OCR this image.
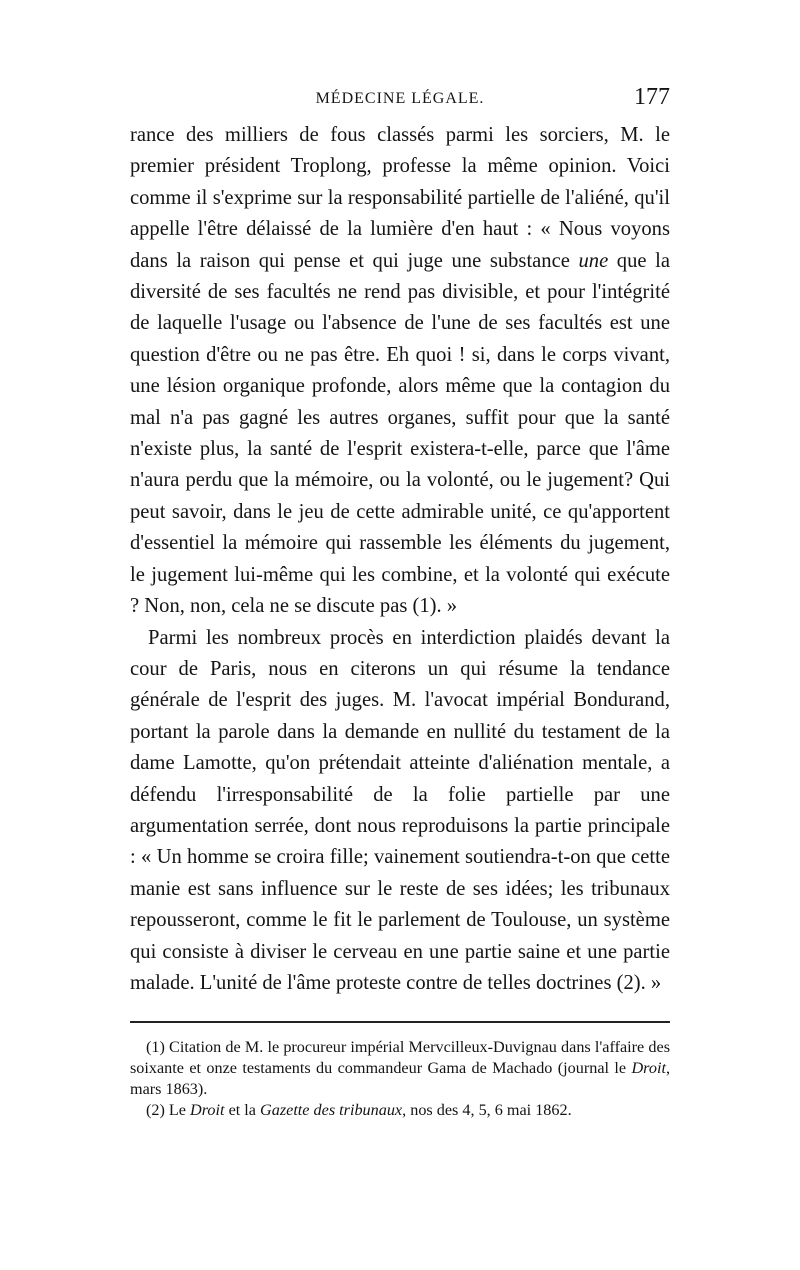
MÉDECINE LÉGALE.	177

rance des milliers de fous classés parmi les sorciers, M. le premier président Troplong, professe la même opinion. Voici comme il s'exprime sur la responsabilité partielle de l'aliéné, qu'il appelle l'être délaissé de la lumière d'en haut : « Nous voyons dans la raison qui pense et qui juge une substance une que la diversité de ses facultés ne rend pas divisible, et pour l'intégrité de laquelle l'usage ou l'absence de l'une de ses facultés est une question d'être ou ne pas être. Eh quoi ! si, dans le corps vivant, une lésion organique profonde, alors même que la contagion du mal n'a pas gagné les autres organes, suffit pour que la santé n'existe plus, la santé de l'esprit existera-t-elle, parce que l'âme n'aura perdu que la mémoire, ou la volonté, ou le jugement? Qui peut savoir, dans le jeu de cette admirable unité, ce qu'apportent d'essentiel la mémoire qui rassemble les éléments du jugement, le jugement lui-même qui les combine, et la volonté qui exécute ? Non, non, cela ne se discute pas (1). »

Parmi les nombreux procès en interdiction plaidés devant la cour de Paris, nous en citerons un qui résume la tendance générale de l'esprit des juges. M. l'avocat impérial Bondurand, portant la parole dans la demande en nullité du testament de la dame Lamotte, qu'on prétendait atteinte d'aliénation mentale, a défendu l'irresponsabilité de la folie partielle par une argumentation serrée, dont nous reproduisons la partie principale : « Un homme se croira fille; vainement soutiendra-t-on que cette manie est sans influence sur le reste de ses idées; les tribunaux repousseront, comme le fit le parlement de Toulouse, un système qui consiste à diviser le cerveau en une partie saine et une partie malade. L'unité de l'âme proteste contre de telles doctrines (2). »

(1) Citation de M. le procureur impérial Mervcilleux-Duvignau dans l'affaire des soixante et onze testaments du commandeur Gama de Machado (journal le Droit, mars 1863).

(2) Le Droit et la Gazette des tribunaux, nos des 4, 5, 6 mai 1862.
